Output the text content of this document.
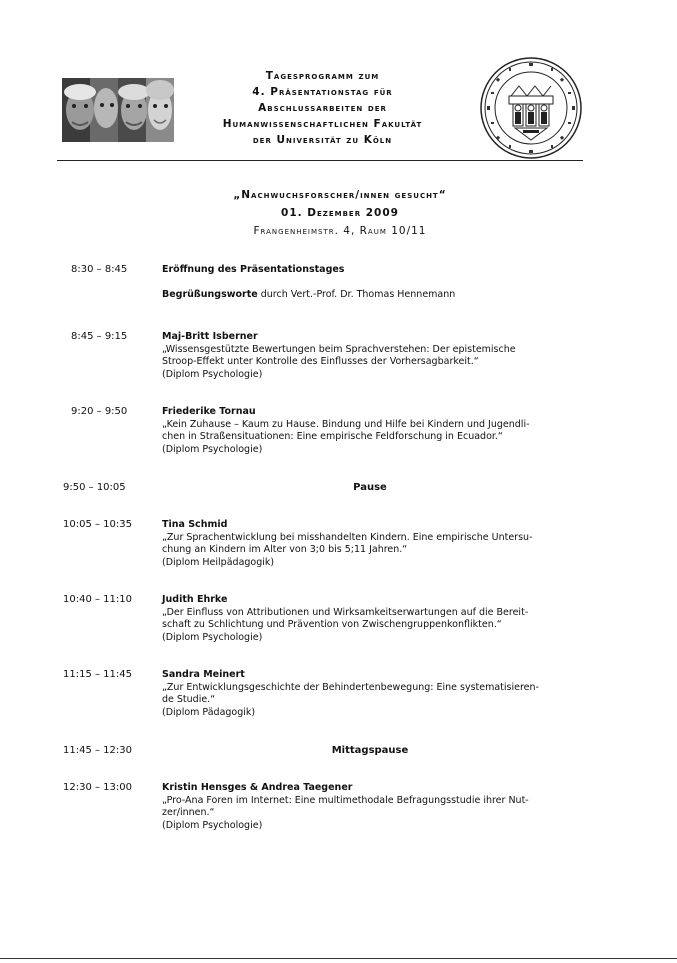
Tagesprogramm zum
4. Präsentationstag für
Abschlussarbeiten der
Humanwissenschaftlichen Fakultät
der Universität zu Köln
„Nachwuchsforscher/innen gesucht“
01. Dezember 2009
Frangenheimstr. 4, Raum 10/11
8:30 – 8:45	Eröffnung des Präsentationstages
Begrüßungsworte durch Vert.-Prof. Dr. Thomas Hennemann
8:45 – 9:15	Maj-Britt Isberner
„Wissensgestützte Bewertungen beim Sprachverstehen: Der epistemische
Stroop-Effekt unter Kontrolle des Einflusses der Vorhersagbarkeit.“
(Diplom Psychologie)
9:20 – 9:50	Friederike Tornau
„Kein Zuhause – Kaum zu Hause. Bindung und Hilfe bei Kindern und Jugendli-
chen in Straßensituationen: Eine empirische Feldforschung in Ecuador.“
(Diplom Psychologie)
9:50 – 10:05	Pause
10:05 – 10:35	Tina Schmid
„Zur Sprachentwicklung bei misshandelten Kindern. Eine empirische Untersu-
chung an Kindern im Alter von 3;0 bis 5;11 Jahren.“
(Diplom Heilpädagogik)
10:40 – 11:10	Judith Ehrke
„Der Einfluss von Attributionen und Wirksamkeitserwartungen auf die Bereit-
schaft zu Schlichtung und Prävention von Zwischengruppenkonflikten.“
(Diplom Psychologie)
11:15 – 11:45	Sandra Meinert
„Zur Entwicklungsgeschichte der Behindertenbewegung: Eine systematisieren-
de Studie.“
(Diplom Pädagogik)
11:45 – 12:30	Mittagspause
12:30 – 13:00	Kristin Hensges & Andrea Taegener
„Pro-Ana Foren im Internet: Eine multimethodale Befragungsstudie ihrer Nut-
zer/innen.“
(Diplom Psychologie)
